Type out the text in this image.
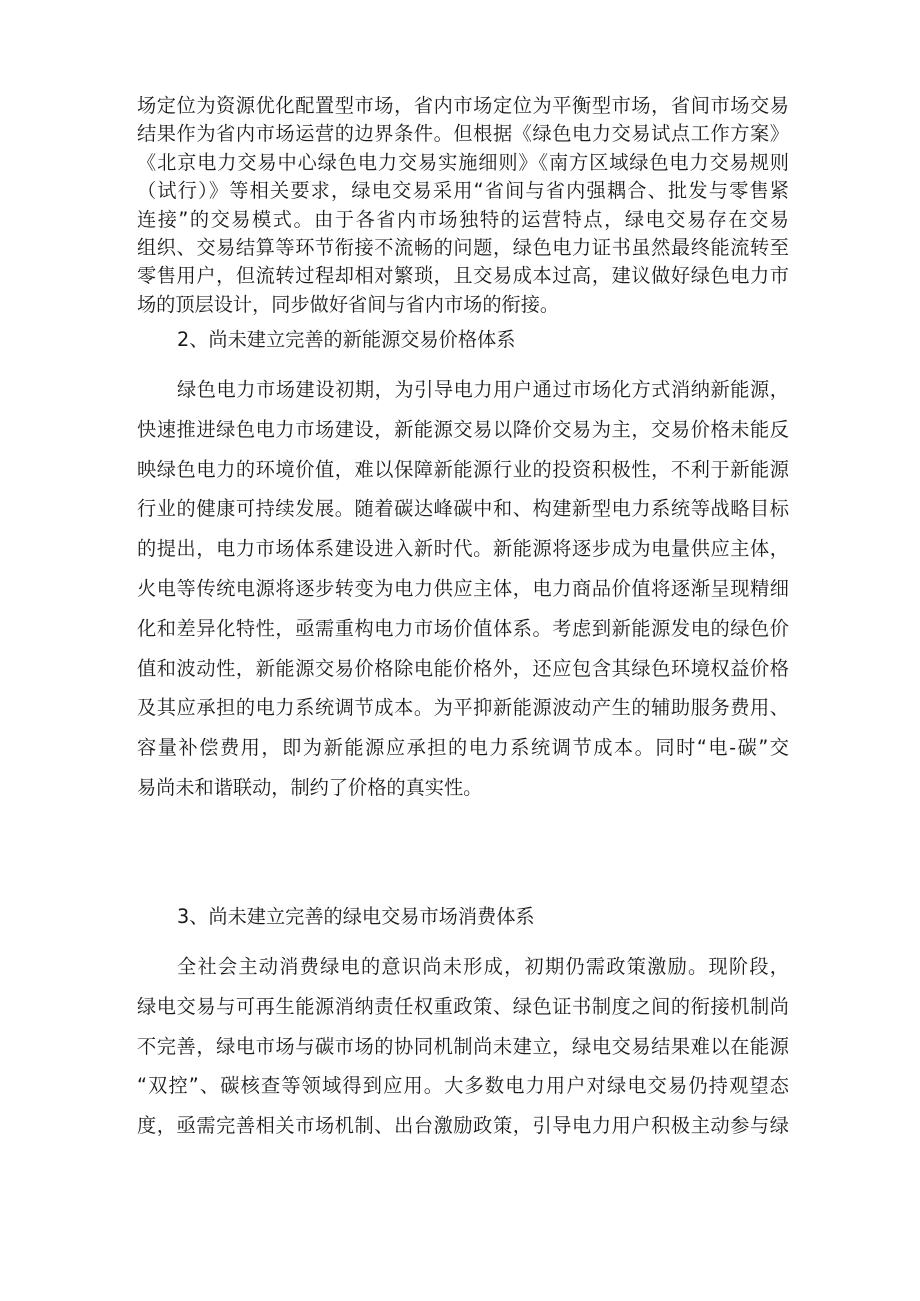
场定位为资源优化配置型市场，省内市场定位为平衡型市场，省间市场交易
结果作为省内市场运营的边界条件。但根据《绿色电力交易试点工作方案》
《北京电力交易中心绿色电力交易实施细则》《南方区域绿色电力交易规则
（试行）》等相关要求，绿电交易采用“省间与省内强耦合、批发与零售紧
连接”的交易模式。由于各省内市场独特的运营特点，绿电交易存在交易
组织、交易结算等环节衔接不流畅的问题，绿色电力证书虽然最终能流转至
零售用户，但流转过程却相对繁琐，且交易成本过高，建议做好绿色电力市
场的顶层设计，同步做好省间与省内市场的衔接。
2、尚未建立完善的新能源交易价格体系
绿色电力市场建设初期，为引导电力用户通过市场化方式消纳新能源，
快速推进绿色电力市场建设，新能源交易以降价交易为主，交易价格未能反
映绿色电力的环境价值，难以保障新能源行业的投资积极性，不利于新能源
行业的健康可持续发展。随着碳达峰碳中和、构建新型电力系统等战略目标
的提出，电力市场体系建设进入新时代。新能源将逐步成为电量供应主体，
火电等传统电源将逐步转变为电力供应主体，电力商品价值将逐渐呈现精细
化和差异化特性，亟需重构电力市场价值体系。考虑到新能源发电的绿色价
值和波动性，新能源交易价格除电能价格外，还应包含其绿色环境权益价格
及其应承担的电力系统调节成本。为平抑新能源波动产生的辅助服务费用、
容量补偿费用，即为新能源应承担的电力系统调节成本。同时“电-碳”交
易尚未和谐联动，制约了价格的真实性。
3、尚未建立完善的绿电交易市场消费体系
全社会主动消费绿电的意识尚未形成，初期仍需政策激励。现阶段，
绿电交易与可再生能源消纳责任权重政策、绿色证书制度之间的衔接机制尚
不完善，绿电市场与碳市场的协同机制尚未建立，绿电交易结果难以在能源
“双控”、碳核查等领域得到应用。大多数电力用户对绿电交易仍持观望态
度，亟需完善相关市场机制、出台激励政策，引导电力用户积极主动参与绿
